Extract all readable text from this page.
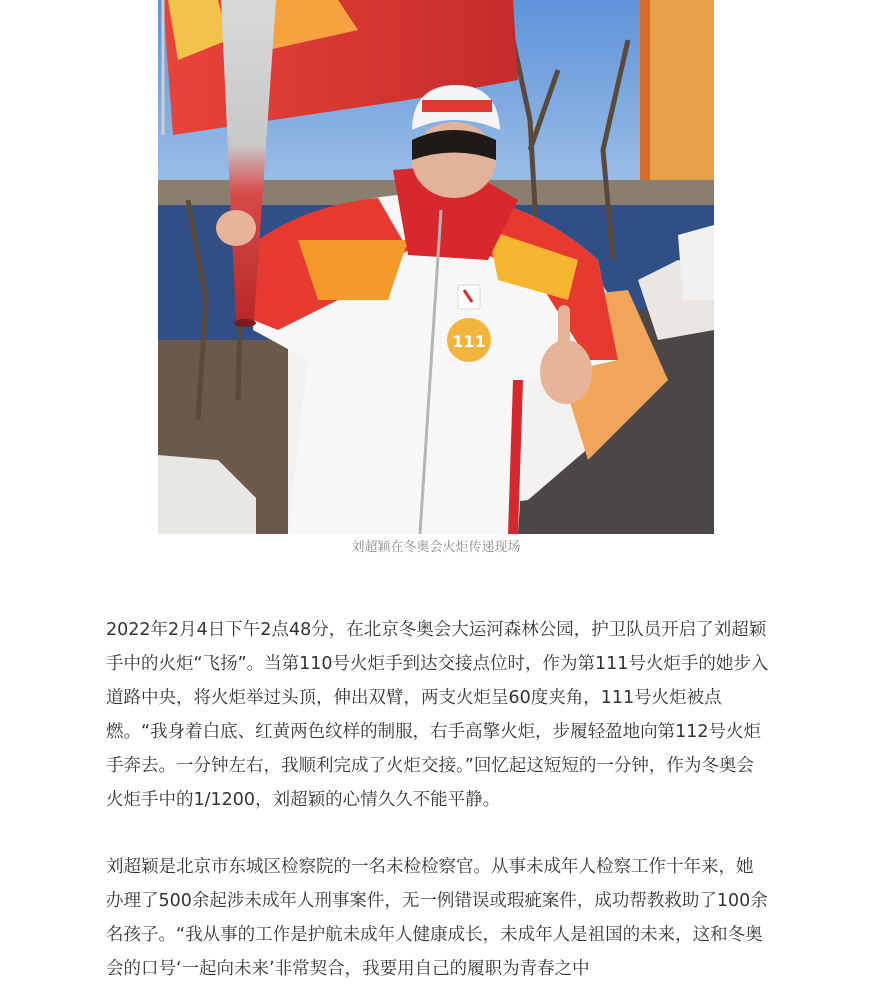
111
刘超颖在冬奥会火炬传递现场

2022年2月4日下午2点48分，在北京冬奥会大运河森林公园，护卫队员开启了刘超颖手中的火炬“飞扬”。当第110号火炬手到达交接点位时，作为第111号火炬手的她步入道路中央，将火炬举过头顶，伸出双臂，两支火炬呈60度夹角，111号火炬被点燃。“我身着白底、红黄两色纹样的制服，右手高擎火炬，步履轻盈地向第112号火炬手奔去。一分钟左右，我顺利完成了火炬交接。”回忆起这短短的一分钟，作为冬奥会火炬手中的1/1200，刘超颖的心情久久不能平静。

刘超颖是北京市东城区检察院的一名未检检察官。从事未成年人检察工作十年来，她办理了500余起涉未成年人刑事案件，无一例错误或瑕疵案件，成功帮教救助了100余名孩子。“我从事的工作是护航未成年人健康成长，未成年人是祖国的未来，这和冬奥会的口号‘一起向未来’非常契合，我要用自己的履职为青春之中
